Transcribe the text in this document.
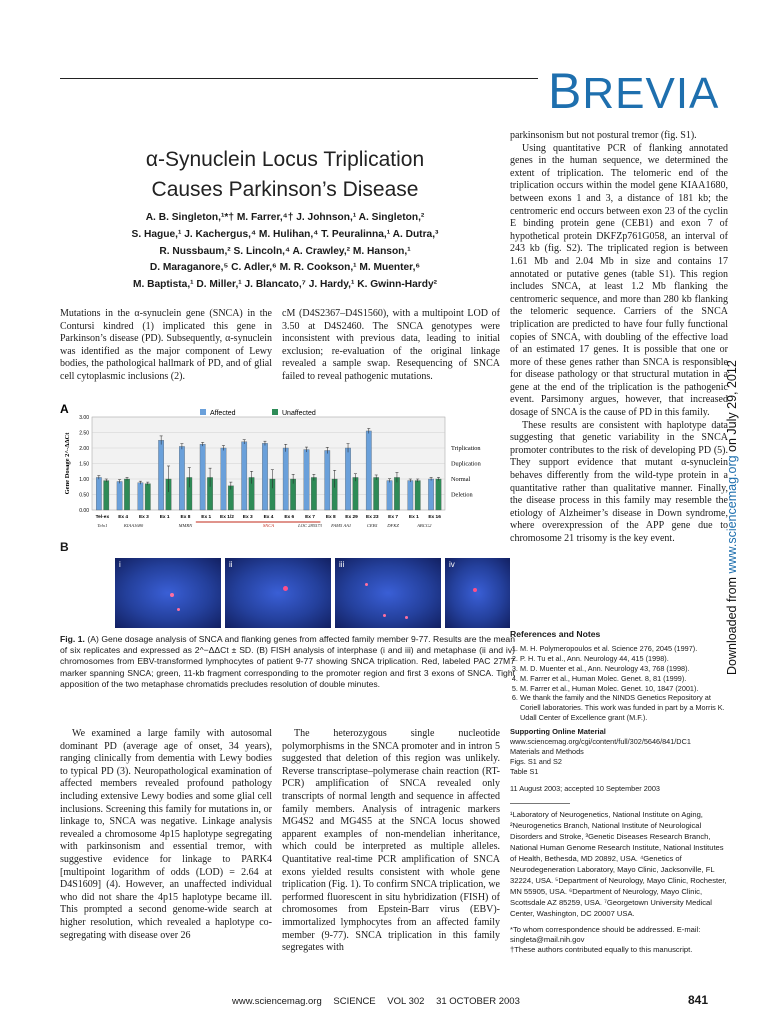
BREVIA
α-Synuclein Locus Triplication
Causes Parkinson’s Disease
A. B. Singleton,¹*† M. Farrer,⁴† J. Johnson,¹ A. Singleton,²
S. Hague,¹ J. Kachergus,⁴ M. Hulihan,⁴ T. Peuralinna,¹ A. Dutra,³
R. Nussbaum,² S. Lincoln,⁴ A. Crawley,² M. Hanson,¹
D. Maraganore,⁵ C. Adler,⁶ M. R. Cookson,¹ M. Muenter,⁶
M. Baptista,¹ D. Miller,¹ J. Blancato,⁷ J. Hardy,¹ K. Gwinn-Hardy²

Mutations in the α-synuclein gene (SNCA) in the Contursi kindred (1) implicated this gene in Parkinson’s disease (PD). Subsequently, α-synuclein was identified as the major component of Lewy bodies, the pathological hallmark of PD, and of glial cell cytoplasmic inclusions (2).

cM (D4S2367–D4S1560), with a multipoint LOD of 3.50 at D4S2460. The SNCA genotypes were inconsistent with previous data, leading to initial exclusion; re-evaluation of the original linkage revealed a sample swap. Resequencing of SNCA failed to reveal pathogenic mutations.

parkinsonism but not postural tremor (fig. S1).

Using quantitative PCR of flanking annotated genes in the human sequence, we determined the extent of triplication. The telomeric end of the triplication occurs within the model gene KIAA1680, between exons 1 and 3, a distance of 181 kb; the centromeric end occurs between exon 23 of the cyclin E binding protein gene (CEB1) and exon 7 of hypothetical protein DKFZp761G058, an interval of 243 kb (fig. S2). The triplicated region is between 1.61 Mb and 2.04 Mb in size and contains 17 annotated or putative genes (table S1). This region includes SNCA, at least 1.2 Mb flanking the centromeric sequence, and more than 280 kb flanking the telomeric sequence. Carriers of the SNCA triplication are predicted to have four fully functional copies of SNCA, with doubling of the effective load of an estimated 17 genes. It is possible that one or more of these genes rather than SNCA is responsible for disease pathology or that structural mutation in a gene at the end of the triplication is the pathogenic event. Parsimony argues, however, that increased dosage of SNCA is the cause of PD in this family.

These results are consistent with haplotype data suggesting that genetic variability in the SNCA promoter contributes to the risk of developing PD (5). They support evidence that mutant α-synuclein behaves differently from the wild-type protein in a quantitative rather than qualitative manner. Finally, the disease process in this family may resemble the etiology of Alzheimer’s disease in Down syndrome, where overexpression of the APP gene due to chromosome 21 trisomy is the key event.

A	Affected	Unaffected
0.00
0.50
1.00
1.50
2.00
2.50
3.00
Gene Dosage 2^-ΔΔCt
Tel-ex Ex 4 Ex 3 Ex 1 Ex 8 Ex 1 Ex 1/2 Ex 3 Ex 4 Ex 6 Ex 7 Ex 8 Ex 29 Ex 23 Ex 7 Ex 1 Ex 16
Telo1	KIAA1680	MMRN	SNCA	LOC 285573 FAM5 AA1	CEB1 DFKZ	ABCG2
Triplication
Duplication
Normal
Deletion
B
i	ii	iii	iv
Fig. 1. (A) Gene dosage analysis of SNCA and flanking genes from affected family member 9-77. Results are the mean of six replicates and expressed as 2^−ΔΔCt ± SD. (B) FISH analysis of interphase (i and iii) and metaphase (ii and iv) chromosomes from EBV-transformed lymphocytes of patient 9-77 showing SNCA triplication. Red, labeled PAC 27M7 marker spanning SNCA; green, 11-kb fragment corresponding to the promoter region and first 3 exons of SNCA. Tight apposition of the two metaphase chromatids precludes resolution of double minutes.

We examined a large family with autosomal dominant PD (average age of onset, 34 years), ranging clinically from dementia with Lewy bodies to typical PD (3). Neuropathological examination of affected members revealed profound pathology including extensive Lewy bodies and some glial cell inclusions. Screening this family for mutations in, or linkage to, SNCA was negative. Linkage analysis revealed a chromosome 4p15 haplotype segregating with parkinsonism and essential tremor, with suggestive evidence for linkage to PARK4 [multipoint logarithm of odds (LOD) = 2.64 at D4S1609] (4). However, an unaffected individual who did not share the 4p15 haplotype became ill. This prompted a second genome-wide search at higher resolution, which revealed a haplotype co-segregating with disease over 26

The heterozygous single nucleotide polymorphisms in the SNCA promoter and in intron 5 suggested that deletion of this region was unlikely. Reverse transcriptase–polymerase chain reaction (RT-PCR) amplification of SNCA revealed only transcripts of normal length and sequence in affected family members. Analysis of intragenic markers MG4S2 and MG4S5 at the SNCA locus showed apparent examples of non-mendelian inheritance, which could be interpreted as multiple alleles. Quantitative real-time PCR amplification of SNCA exons yielded results consistent with whole gene triplication (Fig. 1). To confirm SNCA triplication, we performed fluorescent in situ hybridization (FISH) of chromosomes from Epstein-Barr virus (EBV)-immortalized lymphocytes from an affected family member (9-77). SNCA triplication in this family segregates with

References and Notes
1. M. H. Polymeropoulos et al. Science 276, 2045 (1997).
2. P. H. Tu et al., Ann. Neurology 44, 415 (1998).
3. M. D. Muenter et al., Ann. Neurology 43, 768 (1998).
4. M. Farrer et al., Human Molec. Genet. 8, 81 (1999).
5. M. Farrer et al., Human Molec. Genet. 10, 1847 (2001).
6. We thank the family and the NINDS Genetics Repository at Coriell laboratories. This work was funded in part by a Morris K. Udall Center of Excellence grant (M.F.).
Supporting Online Material
www.sciencemag.org/cgi/content/full/302/5646/841/DC1
Materials and Methods
Figs. S1 and S2
Table S1
11 August 2003; accepted 10 September 2003
¹Laboratory of Neurogenetics, National Institute on Aging, ²Neurogenetics Branch, National Institute of Neurological Disorders and Stroke, ³Genetic Diseases Research Branch, National Human Genome Research Institute, National Institutes of Health, Bethesda, MD 20892, USA. ⁴Genetics of Neurodegeneration Laboratory, Mayo Clinic, Jacksonville, FL 32224, USA. ⁵Department of Neurology, Mayo Clinic, Rochester, MN 55905, USA. ⁶Department of Neurology, Mayo Clinic, Scottsdale AZ 85259, USA. ⁷Georgetown University Medical Center, Washington, DC 20007 USA.
*To whom correspondence should be addressed. E-mail: singleta@mail.nih.gov
†These authors contributed equally to this manuscript.
Downloaded from www.sciencemag.org on July 29, 2012
www.sciencemag.org SCIENCE VOL 302 31 OCTOBER 2003	841
